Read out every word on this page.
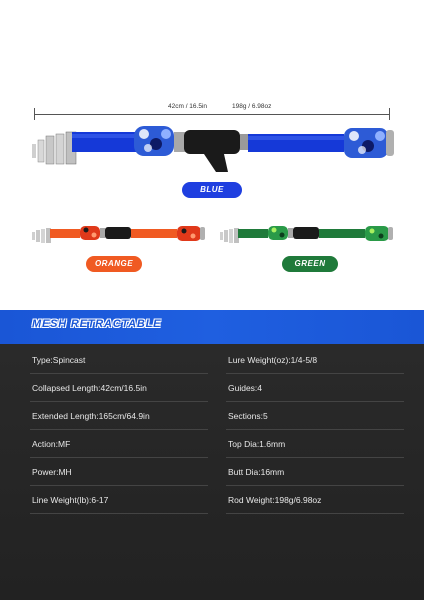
42cm / 16.5in	198g / 6.98oz
BLUE
ORANGE	GREEN
MESH RETRACTABLE
Type:Spincast
Collapsed Length:42cm/16.5in
Extended Length:165cm/64.9in
Action:MF
Power:MH
Line Weight(lb):6-17
Lure Weight(oz):1/4-5/8
Guides:4
Sections:5
Top Dia:1.6mm
Butt Dia:16mm
Rod Weight:198g/6.98oz
